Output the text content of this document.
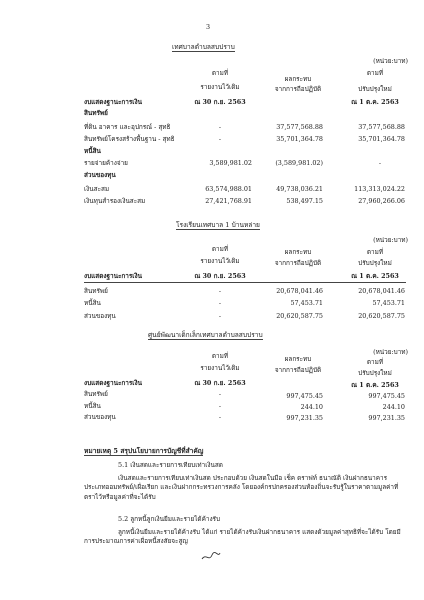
3
เทศบาลตำบลสบปราบ
(หน่วย:บาท)
ตามที่
ผลกระทบ
ตามที่
รายงานไว้เดิม	จากการถือปฏิบัติ	ปรับปรุงใหม่
งบแสดงฐานะการเงิน	ณ 30 ก.ย. 2563	ณ 1 ต.ค. 2563
สินทรัพย์
ที่ดิน อาคาร และอุปกรณ์ - สุทธิ	-	37,577,568.88	37,577,568.88
สินทรัพย์โครงสร้างพื้นฐาน - สุทธิ	-	35,701,364.78	35,701,364.78
หนี้สิน
รายจ่ายค้างจ่าย	3,589,981.02	(3,589,981.02)	-
ส่วนของทุน
เงินสะสม	63,574,988.01	49,738,036.21	113,313,024.22
เงินทุนสำรองเงินสะสม	27,421,768.91	538,497.15	27,960,266.06
โรงเรียนเทศบาล 1 บ้านหล่าย
(หน่วย:บาท)
ตามที่	ผลกระทบ	ตามที่
รายงานไว้เดิม	จากการถือปฏิบัติ	ปรับปรุงใหม่
งบแสดงฐานะการเงิน	ณ 30 ก.ย. 2563	ณ 1 ต.ค. 2563
สินทรัพย์	-	20,678,041.46	20,678,041.46
หนี้สิน	-	57,453.71	57,453.71
ส่วนของทุน	-	20,620,587.75	20,620,587.75
ศูนย์พัฒนาเด็กเล็กเทศบาลตำบลสบปราบ
(หน่วย:บาท)
ตามที่	ผลกระทบ	ตามที่
รายงานไว้เดิม	จากการถือปฏิบัติ	ปรับปรุงใหม่
งบแสดงฐานะการเงิน	ณ 30 ก.ย. 2563	ณ 1 ต.ค. 2563
สินทรัพย์	-	997,475.45	997,475.45
หนี้สิน	-	244.10	244.10
ส่วนของทุน	-	997,231.35	997,231.35
หมายเหตุ 5 สรุปนโยบายการบัญชีที่สำคัญ
5.1 เงินสดและรายการเทียบเท่าเงินสด
เงินสดและรายการเทียบเท่าเงินสด ประกอบด้วย เงินสดในมือ เช็ค ดราฟท์ ธนาณัติ เงินฝากธนาคารประเภทออมทรัพย์/เผื่อเรียก และเงินฝากกระทรวงการคลัง โดยองค์กรปกครองส่วนท้องถิ่นจะรับรู้ในราคาตามมูลค่าที่ตราไว้หรือมูลค่าที่จะได้รับ
5.2 ลูกหนี้ลูกเงินยืมและรายได้ค้างรับ
ลูกหนี้เงินยืมและรายได้ค้างรับ ได้แก่ รายได้ค้างรับเงินฝากธนาคาร แสดงด้วยมูลค่าสุทธิที่จะได้รับ โดยมีการประมาณการค่าเผื่อหนี้สงสัยจะสูญ
